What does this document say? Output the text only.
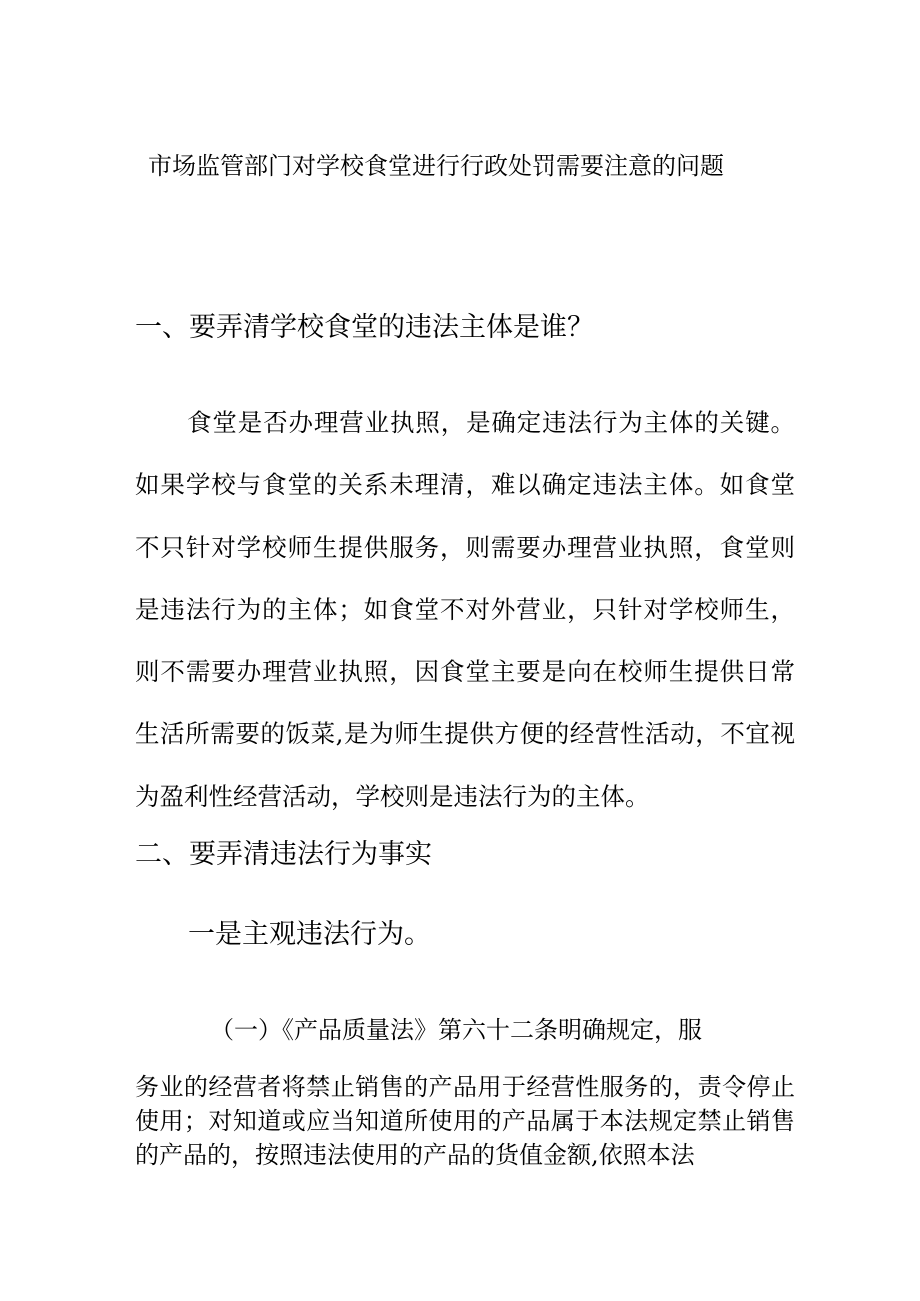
市场监管部门对学校食堂进行行政处罚需要注意的问题
一、要弄清学校食堂的违法主体是谁？

食堂是否办理营业执照，是确定违法行为主体的关键。如果学校与食堂的关系未理清，难以确定违法主体。如食堂不只针对学校师生提供服务，则需要办理营业执照，食堂则是违法行为的主体；如食堂不对外营业，只针对学校师生，则不需要办理营业执照，因食堂主要是向在校师生提供日常生活所需要的饭菜,是为师生提供方便的经营性活动，不宜视为盈利性经营活动，学校则是违法行为的主体。

二、要弄清违法行为事实
一是主观违法行为。
（一）《产品质量法》第六十二条明确规定，服

务业的经营者将禁止销售的产品用于经营性服务的，责令停止使用；对知道或应当知道所使用的产品属于本法规定禁止销售的产品的，按照违法使用的产品的货值金额,依照本法
